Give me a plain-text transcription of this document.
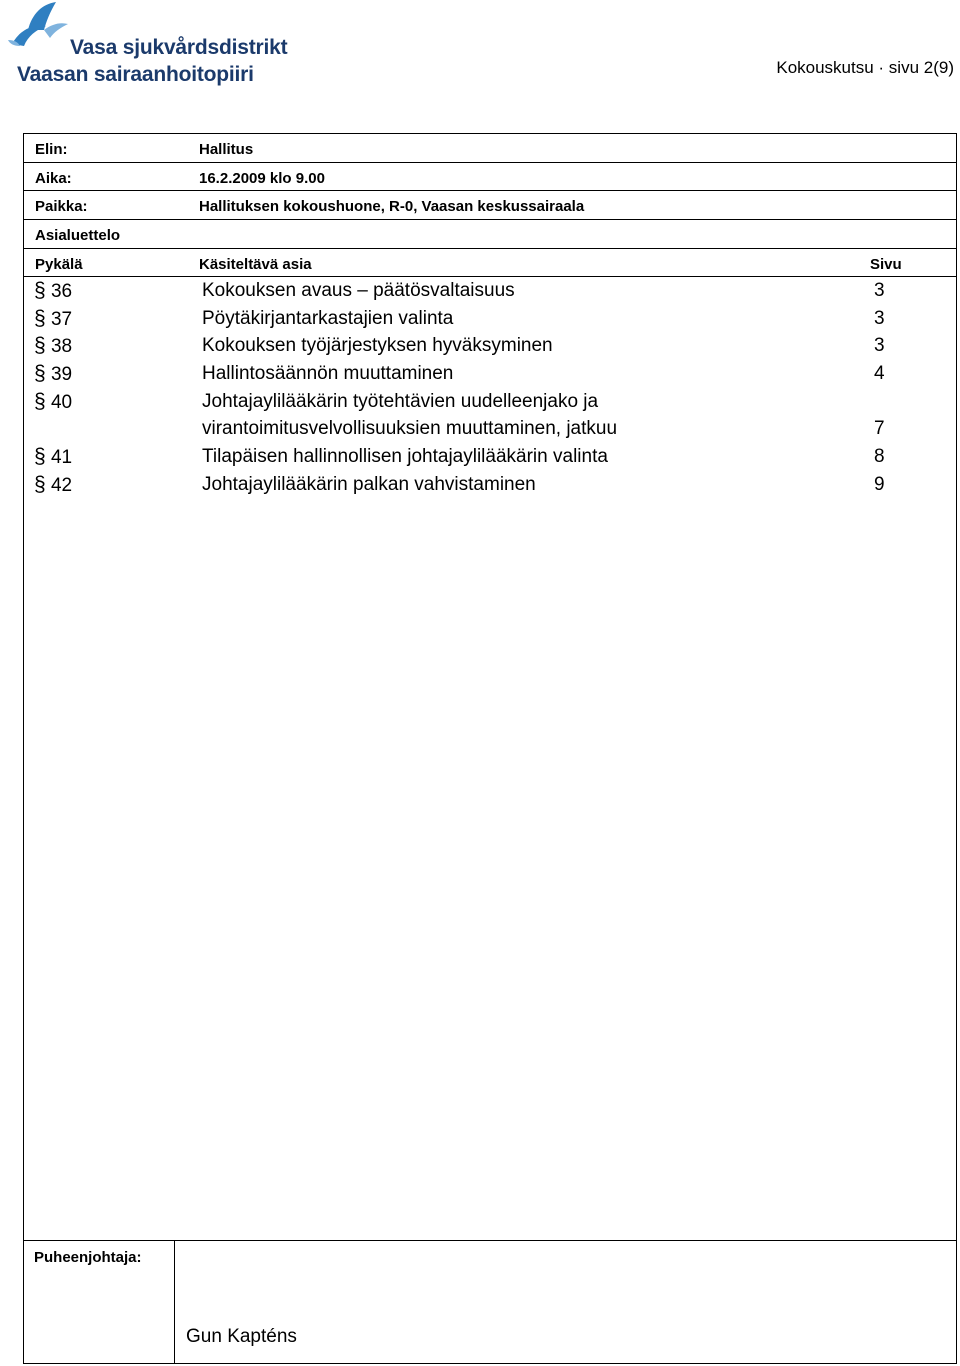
Vasa sjukvårdsdistrikt
Vaasan sairaanhoitopiiri	Kokouskutsu · sivu 2(9)
Elin:	Hallitus
Aika:	16.2.2009 klo 9.00
Paikka:	Hallituksen kokoushuone, R-0, Vaasan keskussairaala
Asialuettelo
Pykälä	Käsiteltävä asia	Sivu
§ 36	Kokouksen avaus – päätösvaltaisuus	3
§ 37	Pöytäkirjantarkastajien valinta	3
§ 38	Kokouksen työjärjestyksen hyväksyminen	3
§ 39	Hallintosäännön muuttaminen	4
§ 40	Johtajaylilääkärin työtehtävien uudelleenjako ja virantoimitusvelvollisuuksien muuttaminen, jatkuu	7
§ 41	Tilapäisen hallinnollisen johtajaylilääkärin valinta	8
§ 42	Johtajaylilääkärin palkan vahvistaminen	9
Puheenjohtaja:
Gun Kapténs
